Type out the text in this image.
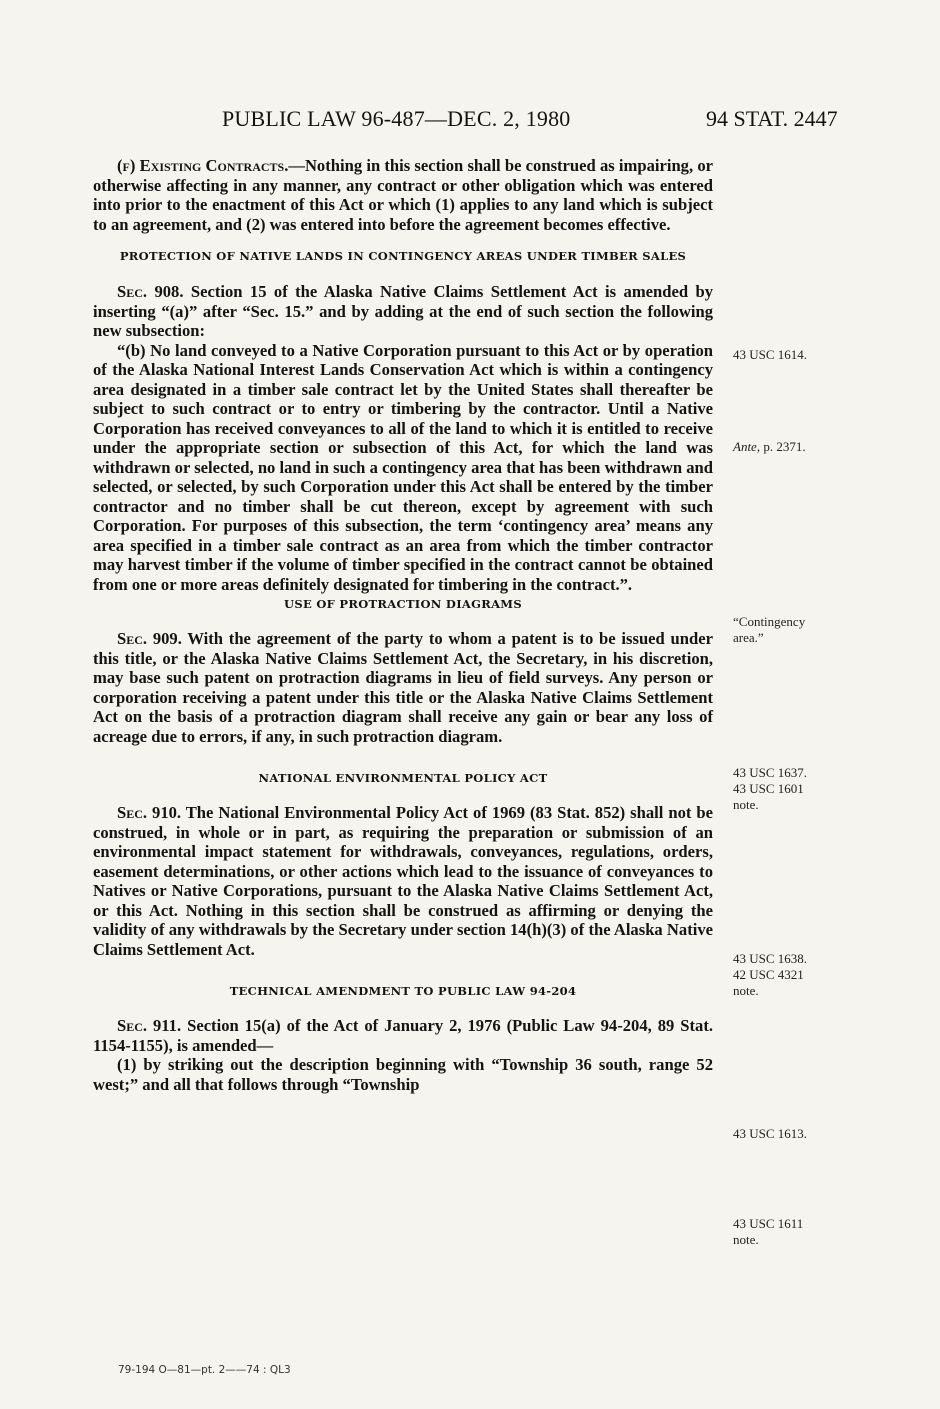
PUBLIC LAW 96-487—DEC. 2, 1980	94 STAT. 2447

(f) Existing Contracts.—Nothing in this section shall be construed as impairing, or otherwise affecting in any manner, any contract or other obligation which was entered into prior to the enactment of this Act or which (1) applies to any land which is subject to an agreement, and (2) was entered into before the agreement becomes effective.

PROTECTION OF NATIVE LANDS IN CONTINGENCY AREAS UNDER TIMBER SALES

Sec. 908. Section 15 of the Alaska Native Claims Settlement Act is amended by inserting “(a)” after “Sec. 15.” and by adding at the end of such section the following new subsection:

“(b) No land conveyed to a Native Corporation pursuant to this Act or by operation of the Alaska National Interest Lands Conservation Act which is within a contingency area designated in a timber sale contract let by the United States shall thereafter be subject to such contract or to entry or timbering by the contractor. Until a Native Corporation has received conveyances to all of the land to which it is entitled to receive under the appropriate section or subsection of this Act, for which the land was withdrawn or selected, no land in such a contingency area that has been withdrawn and selected, or selected, by such Corporation under this Act shall be entered by the timber contractor and no timber shall be cut thereon, except by agreement with such Corporation. For purposes of this subsection, the term ‘contingency area’ means any area specified in a timber sale contract as an area from which the timber contractor may harvest timber if the volume of timber specified in the contract cannot be obtained from one or more areas definitely designated for timbering in the contract.”.

USE OF PROTRACTION DIAGRAMS

Sec. 909. With the agreement of the party to whom a patent is to be issued under this title, or the Alaska Native Claims Settlement Act, the Secretary, in his discretion, may base such patent on protraction diagrams in lieu of field surveys. Any person or corporation receiving a patent under this title or the Alaska Native Claims Settlement Act on the basis of a protraction diagram shall receive any gain or bear any loss of acreage due to errors, if any, in such protraction diagram.

NATIONAL ENVIRONMENTAL POLICY ACT

Sec. 910. The National Environmental Policy Act of 1969 (83 Stat. 852) shall not be construed, in whole or in part, as requiring the preparation or submission of an environmental impact statement for withdrawals, conveyances, regulations, orders, easement determinations, or other actions which lead to the issuance of conveyances to Natives or Native Corporations, pursuant to the Alaska Native Claims Settlement Act, or this Act. Nothing in this section shall be construed as affirming or denying the validity of any withdrawals by the Secretary under section 14(h)(3) of the Alaska Native Claims Settlement Act.

TECHNICAL AMENDMENT TO PUBLIC LAW 94-204

Sec. 911. Section 15(a) of the Act of January 2, 1976 (Public Law 94-204, 89 Stat. 1154-1155), is amended—

(1) by striking out the description beginning with “Township 36 south, range 52 west;” and all that follows through “Township

43 USC 1614.
Ante, p. 2371.
“Contingency
area.”
43 USC 1637.
43 USC 1601
note.
43 USC 1638.
42 USC 4321
note.
43 USC 1613.
43 USC 1611
note.
79-194 O—81—pt. 2——74 : QL3
